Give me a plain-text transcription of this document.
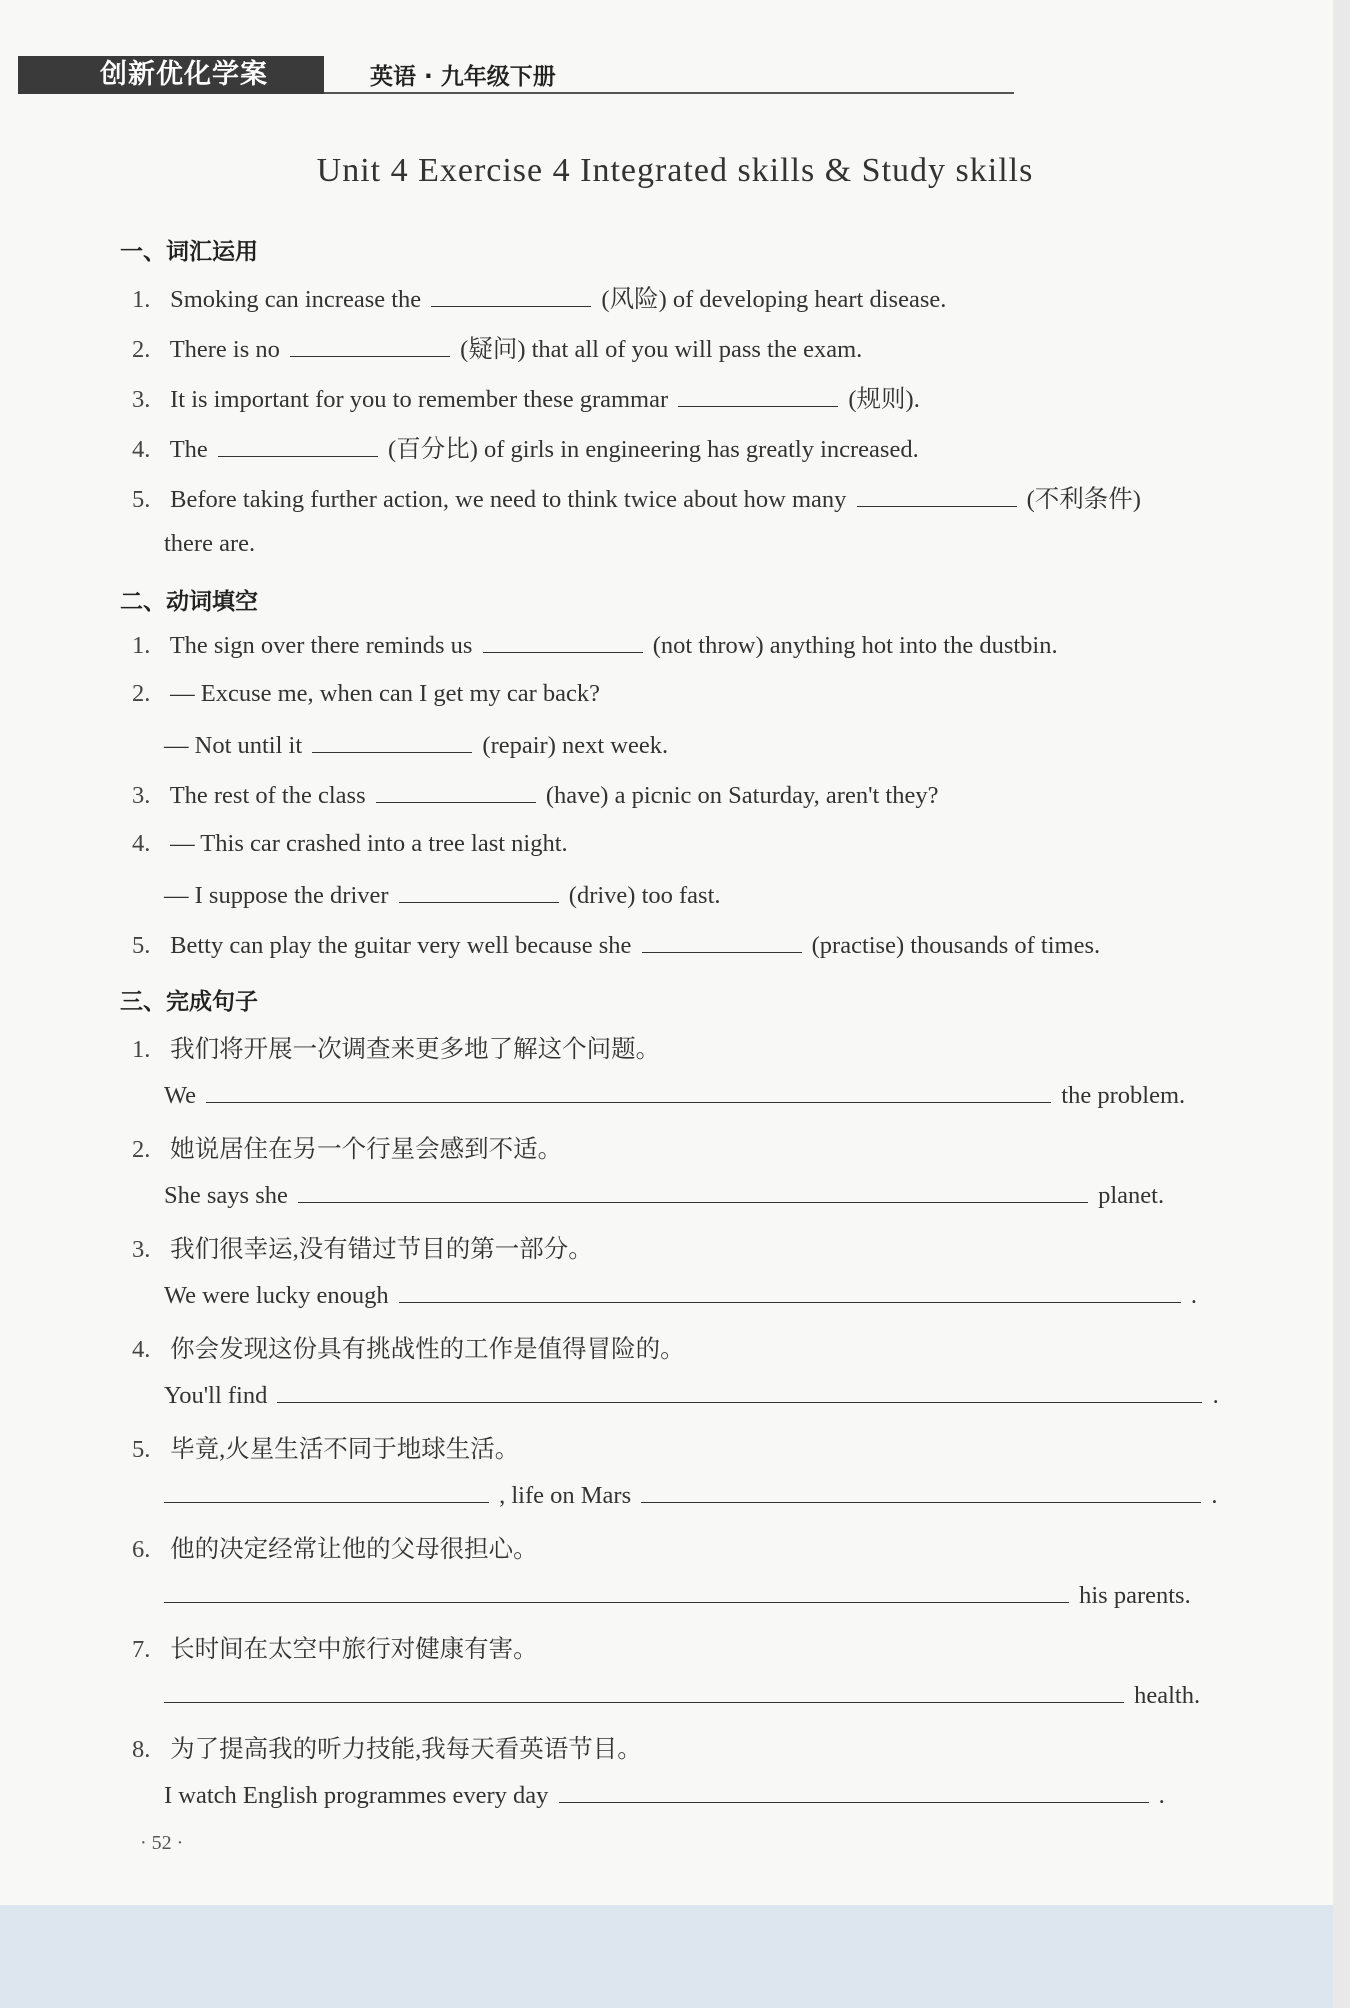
创新优化学案	英语 · 九年级下册
Unit 4 Exercise 4 Integrated skills & Study skills
一、词汇运用
1. Smoking can increase the	(风险) of developing heart disease.
2. There is no	(疑问) that all of you will pass the exam.
3. It is important for you to remember these grammar	(规则).
4. The	(百分比) of girls in engineering has greatly increased.
5. Before taking further action, we need to think twice about how many	(不利条件)
there are.
二、动词填空
1. The sign over there reminds us	(not throw) anything hot into the dustbin.
2. — Excuse me, when can I get my car back?
— Not until it	(repair) next week.
3. The rest of the class	(have) a picnic on Saturday, aren't they?
4. — This car crashed into a tree last night.
— I suppose the driver	(drive) too fast.
5. Betty can play the guitar very well because she	(practise) thousands of times.
三、完成句子
1. 我们将开展一次调查来更多地了解这个问题。
We	the problem.
2. 她说居住在另一个行星会感到不适。
She says she	planet.
3. 我们很幸运,没有错过节目的第一部分。
We were lucky enough	.
4. 你会发现这份具有挑战性的工作是值得冒险的。
You'll find	.
5. 毕竟,火星生活不同于地球生活。
, life on Mars	.
6. 他的决定经常让他的父母很担心。
his parents.
7. 长时间在太空中旅行对健康有害。
health.
8. 为了提高我的听力技能,我每天看英语节目。
I watch English programmes every day	.
· 52 ·
